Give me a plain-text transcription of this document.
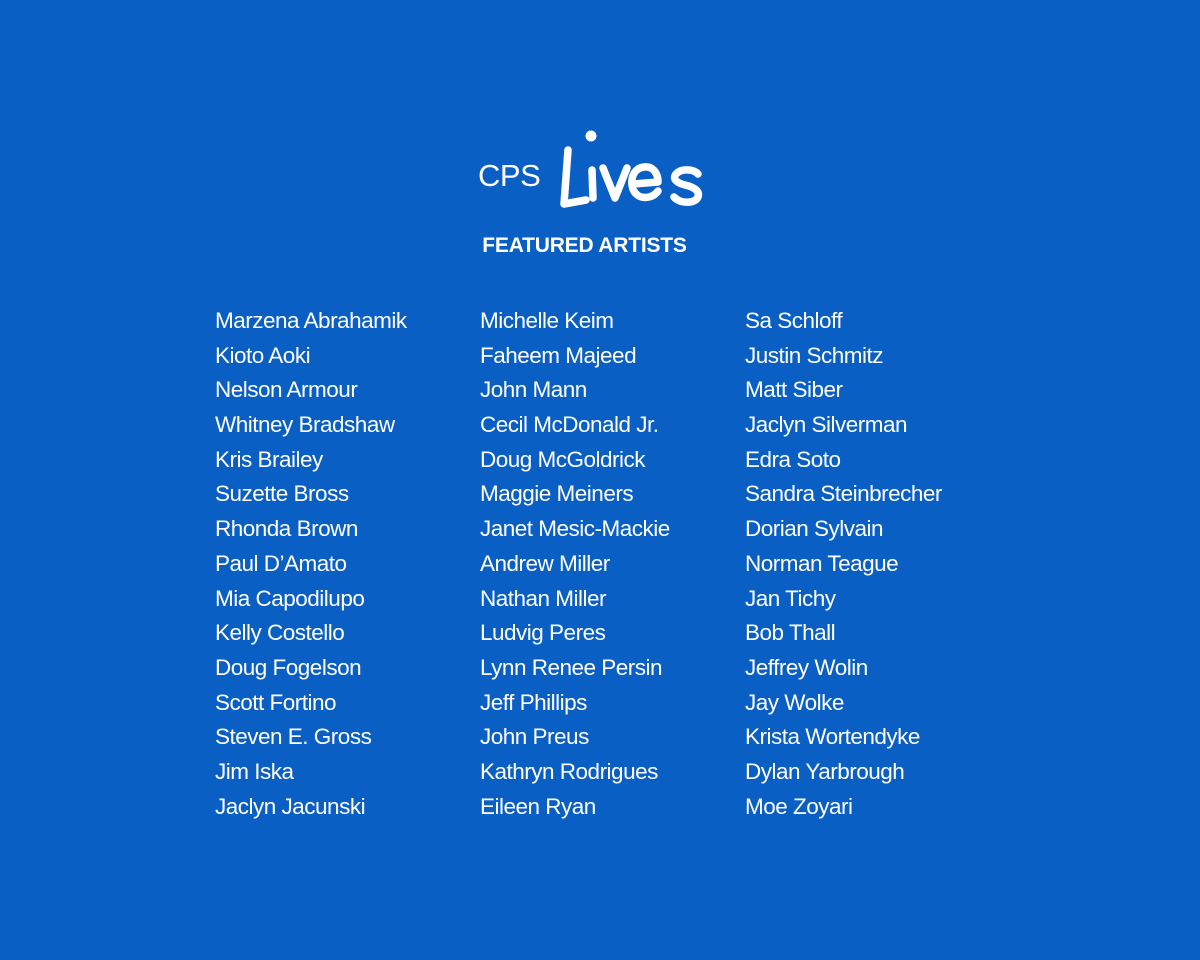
CPS
FEATURED ARTISTS
Marzena Abrahamik
Kioto Aoki
Nelson Armour
Whitney Bradshaw
Kris Brailey
Suzette Bross
Rhonda Brown
Paul D’Amato
Mia Capodilupo
Kelly Costello
Doug Fogelson
Scott Fortino
Steven E. Gross
Jim Iska
Jaclyn Jacunski
Michelle Keim
Faheem Majeed
John Mann
Cecil McDonald Jr.
Doug McGoldrick
Maggie Meiners
Janet Mesic-Mackie
Andrew Miller
Nathan Miller
Ludvig Peres
Lynn Renee Persin
Jeff Phillips
John Preus
Kathryn Rodrigues
Eileen Ryan
Sa Schloff
Justin Schmitz
Matt Siber
Jaclyn Silverman
Edra Soto
Sandra Steinbrecher
Dorian Sylvain
Norman Teague
Jan Tichy
Bob Thall
Jeffrey Wolin
Jay Wolke
Krista Wortendyke
Dylan Yarbrough
Moe Zoyari
